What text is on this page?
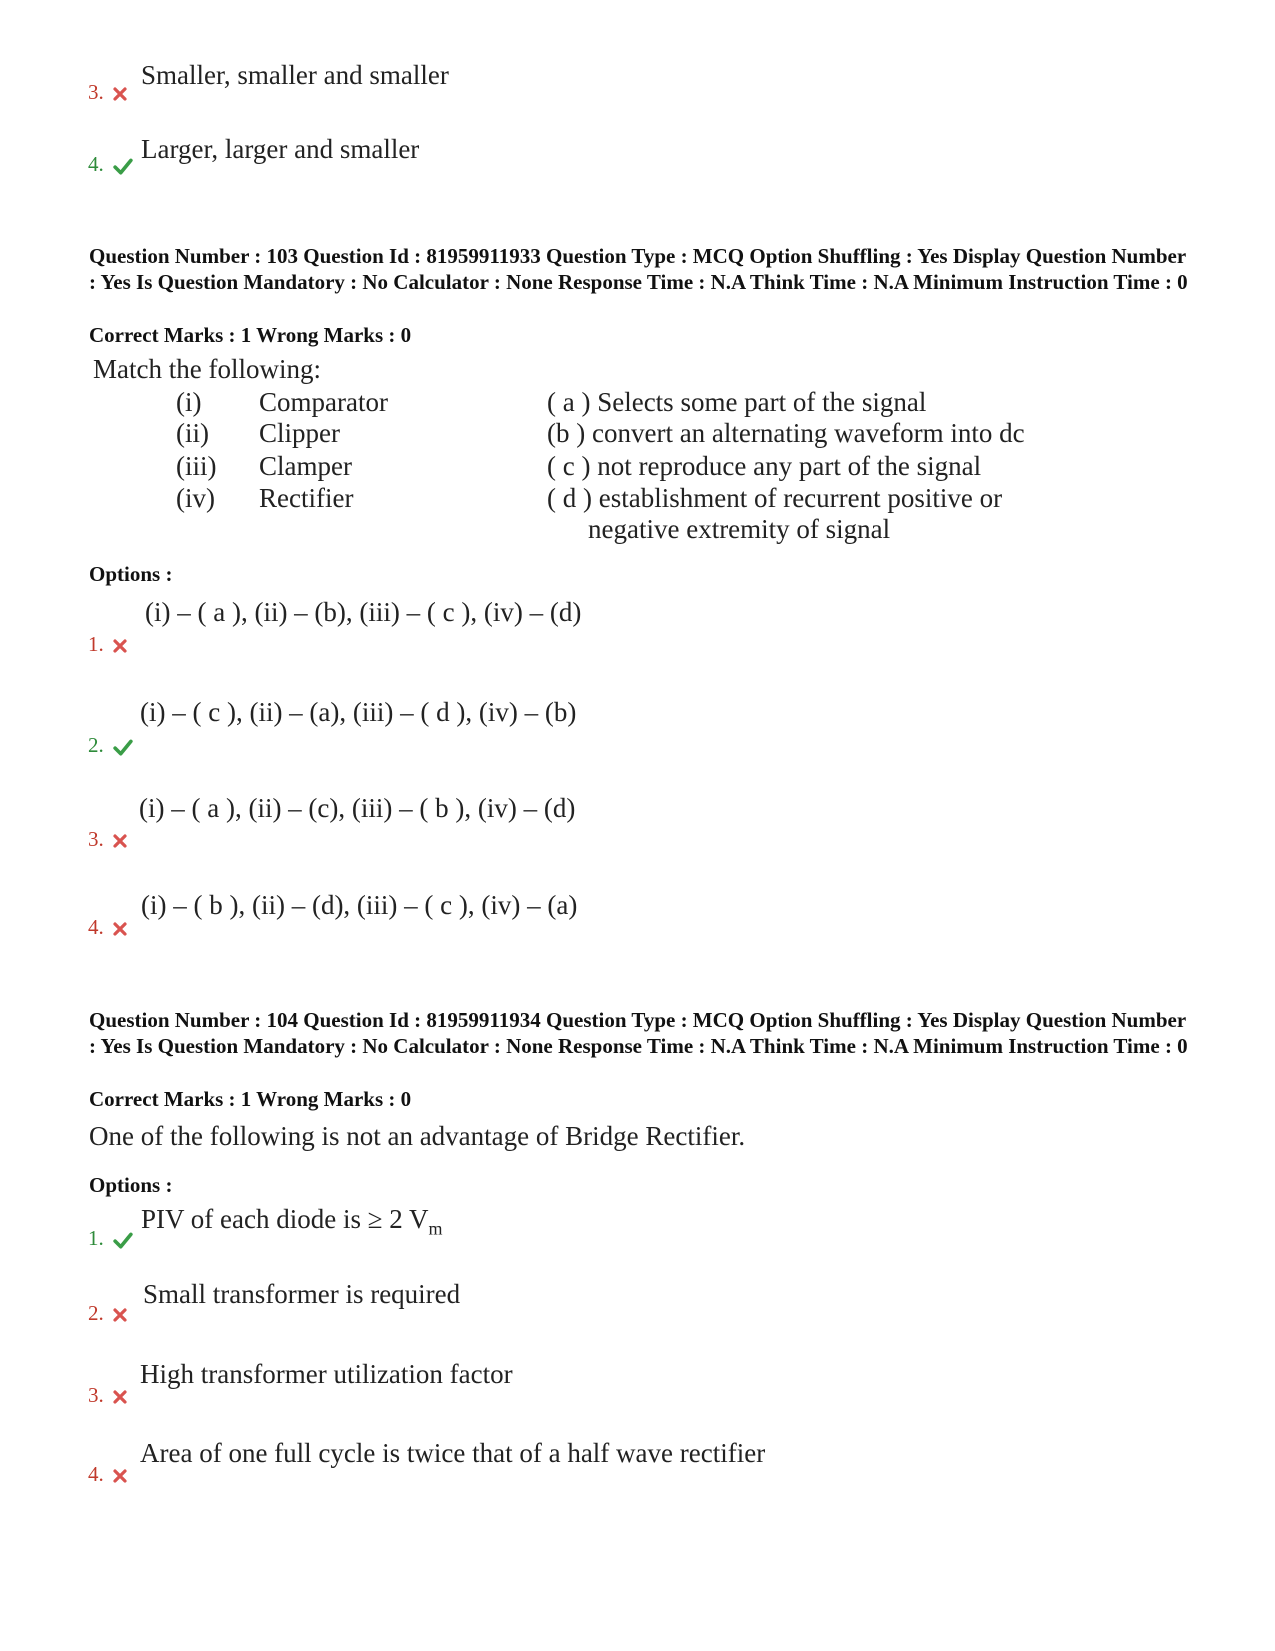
3.
Smaller, smaller and smaller
4.	Larger, larger and smaller
Question Number : 103 Question Id : 81959911933 Question Type : MCQ Option Shuffling : Yes Display Question Number : Yes Is Question Mandatory : No Calculator : None Response Time : N.A Think Time : N.A Minimum Instruction Time : 0
Correct Marks : 1 Wrong Marks : 0
Match the following:
(i) Comparator
(ii) Clipper
(iii) Clamper
(iv) Rectifier
( a ) Selects some part of the signal
(b ) convert an alternating waveform into dc
( c ) not reproduce any part of the signal
( d ) establishment of recurrent positive or
negative extremity of signal
Options :
1.
(i) – ( a ), (ii) – (b), (iii) – ( c ), (iv) – (d)
2.
(i) – ( c ), (ii) – (a), (iii) – ( d ), (iv) – (b)
3.
(i) – ( a ), (ii) – (c), (iii) – ( b ), (iv) – (d)
4.
(i) – ( b ), (ii) – (d), (iii) – ( c ), (iv) – (a)
Question Number : 104 Question Id : 81959911934 Question Type : MCQ Option Shuffling : Yes Display Question Number : Yes Is Question Mandatory : No Calculator : None Response Time : N.A Think Time : N.A Minimum Instruction Time : 0
Correct Marks : 1 Wrong Marks : 0
One of the following is not an advantage of Bridge Rectifier.
Options :
1.
PIV of each diode is ≥ 2 $V_m$
2.
Small transformer is required
3.
High transformer utilization factor
4.
Area of one full cycle is twice that of a half wave rectifier
